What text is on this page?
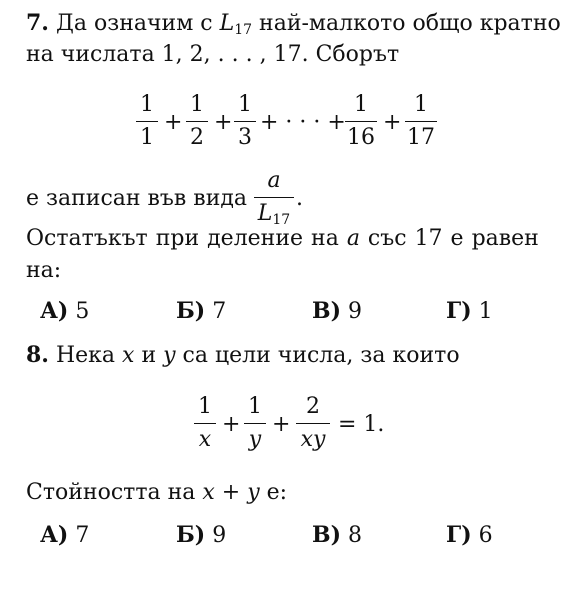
7. Да означим с $L_{17}$ най-малкото общо кратно
на числата 1, 2, . . . , 17. Сборът
1
1
+
1
2
+
1
3
+ · · · +
1
16
+
1
17
е записан във вида
a
$L_{17}$
.
Остатъкът при деление на a със 17 е равен
на:
А) 5	Б) 7	В) 9	Г) 1
8. Нека x и y са цели числа, за които
1
x
+
1
y
+
2
xy
= 1.
Стойността на x + y е:
А) 7	Б) 9	В) 8	Г) 6
